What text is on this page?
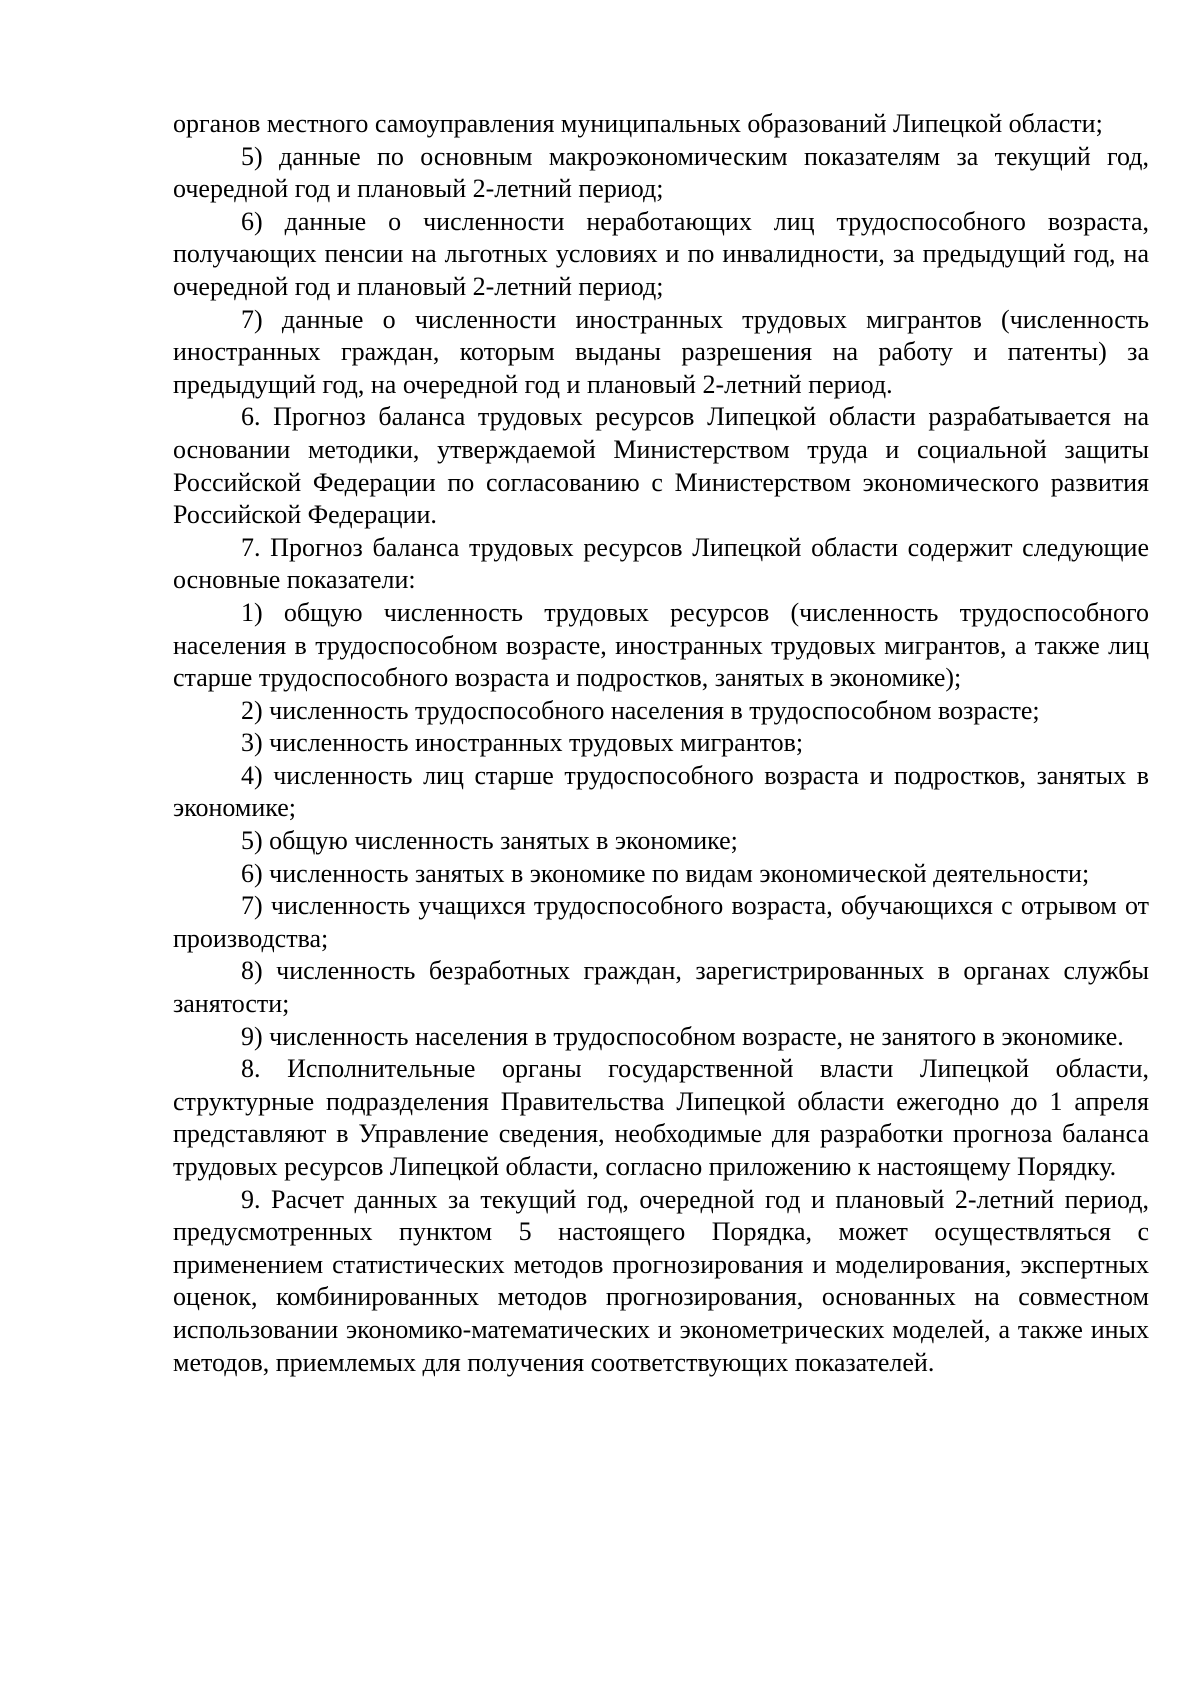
органов местного самоуправления муниципальных образований Липецкой области;

5) данные по основным макроэкономическим показателям за текущий год, очередной год и плановый 2-летний период;

6) данные о численности неработающих лиц трудоспособного возраста, получающих пенсии на льготных условиях и по инвалидности, за предыдущий год, на очередной год и плановый 2-летний период;

7) данные о численности иностранных трудовых мигрантов (численность иностранных граждан, которым выданы разрешения на работу и патенты) за предыдущий год, на очередной год и плановый 2-летний период.

6. Прогноз баланса трудовых ресурсов Липецкой области разрабатывается на основании методики, утверждаемой Министерством труда и социальной защиты Российской Федерации по согласованию с Министерством экономического развития Российской Федерации.

7. Прогноз баланса трудовых ресурсов Липецкой области содержит следующие основные показатели:

1) общую численность трудовых ресурсов (численность трудоспособного населения в трудоспособном возрасте, иностранных трудовых мигрантов, а также лиц старше трудоспособного возраста и подростков, занятых в экономике);

2) численность трудоспособного населения в трудоспособном возрасте;

3) численность иностранных трудовых мигрантов;

4) численность лиц старше трудоспособного возраста и подростков, занятых в экономике;

5) общую численность занятых в экономике;

6) численность занятых в экономике по видам экономической деятельности;

7) численность учащихся трудоспособного возраста, обучающихся с отрывом от производства;

8) численность безработных граждан, зарегистрированных в органах службы занятости;

9) численность населения в трудоспособном возрасте, не занятого в экономике.

8. Исполнительные органы государственной власти Липецкой области, структурные подразделения Правительства Липецкой области ежегодно до 1 апреля представляют в Управление сведения, необходимые для разработки прогноза баланса трудовых ресурсов Липецкой области, согласно приложению к настоящему Порядку.

9. Расчет данных за текущий год, очередной год и плановый 2-летний период, предусмотренных пунктом 5 настоящего Порядка, может осуществляться с применением статистических методов прогнозирования и моделирования, экспертных оценок, комбинированных методов прогнозирования, основанных на совместном использовании экономико-математических и эконометрических моделей, а также иных методов, приемлемых для получения соответствующих показателей.
